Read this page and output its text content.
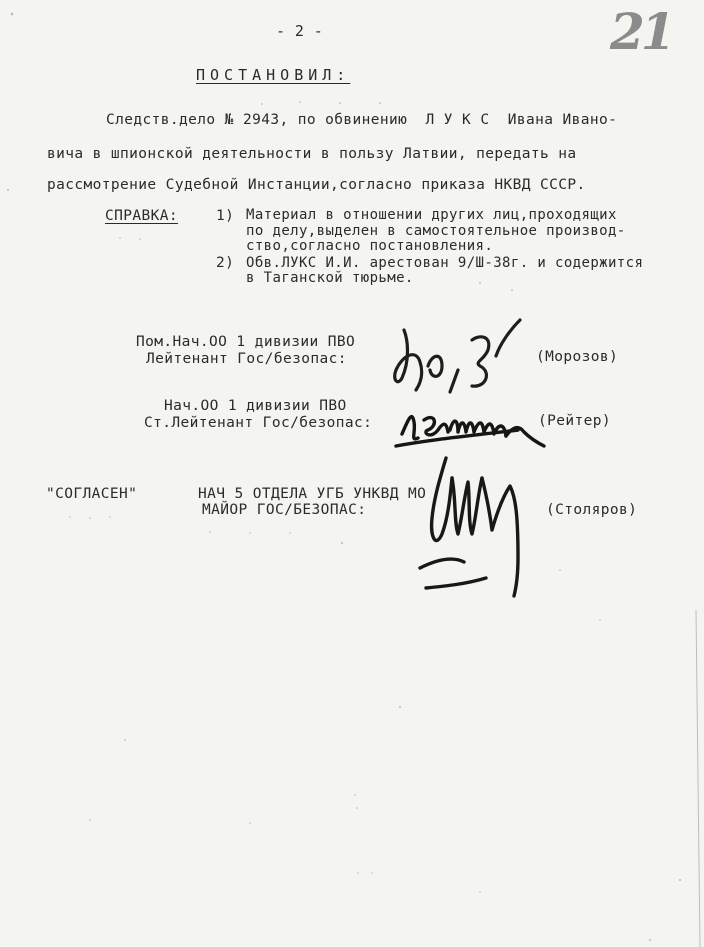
- 2 -	21
ПОСТАНОВИЛ:
Следств.дело № 2943, по обвинению  Л У К С  Ивана Ивано-
вича в шпионской деятельности в пользу Латвии, передать на
рассмотрение Судебной Инстанции,согласно приказа НКВД СССР.
СПРАВКА:	1) Материал в отношении других лиц,проходящих
по делу,выделен в самостоятельное производ-
ство,согласно постановления.
2) Обв.ЛУКС И.И. арестован 9/Ш-38г. и содержится
в Таганской тюрьме.
Пом.Нач.ОО 1 дивизии ПВО
Лейтенант Гос/безопас:	(Морозов)
Нач.ОО 1 дивизии ПВО
Ст.Лейтенант Гос/безопас:	(Рейтер)
"СОГЛАСЕН"	НАЧ 5 ОТДЕЛА УГБ УНКВД МО
МАЙОР ГОС/БЕЗОПАС:	(Столяров)
